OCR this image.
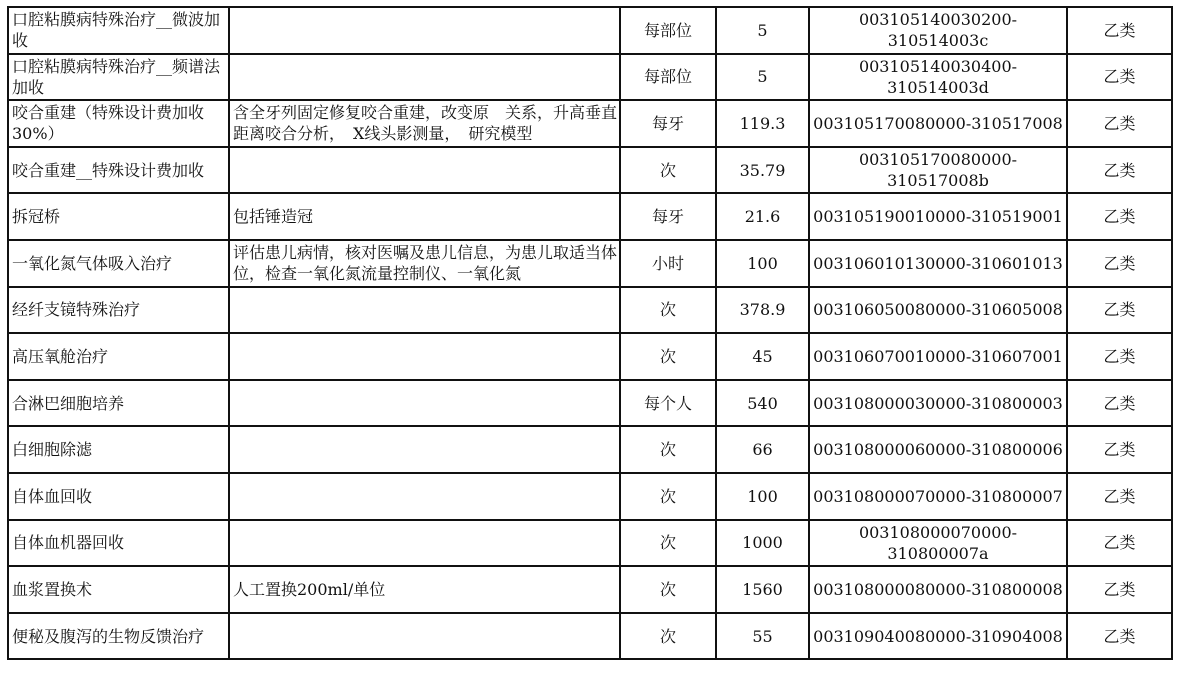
口腔粘膜病特殊治疗__微波加收		每部位	5	003105140030200-310514003c	乙类
口腔粘膜病特殊治疗__频谱法加收		每部位	5	003105140030400-310514003d	乙类
咬合重建（特殊设计费加收30%）	含全牙列固定修复咬合重建，改变原　关系，升高垂直距离咬合分析，　X线头影测量，　研究模型	每牙	119.3	003105170080000-310517008	乙类
咬合重建__特殊设计费加收		次	35.79	003105170080000-310517008b	乙类
拆冠桥	包括锤造冠	每牙	21.6	003105190010000-310519001	乙类
一氧化氮气体吸入治疗	评估患儿病情，核对医嘱及患儿信息，为患儿取适当体位，检查一氧化氮流量控制仪、一氧化氮	小时	100	003106010130000-310601013	乙类
经纤支镜特殊治疗		次	378.9	003106050080000-310605008	乙类
高压氧舱治疗		次	45	003106070010000-310607001	乙类
合淋巴细胞培养		每个人	540	003108000030000-310800003	乙类
白细胞除滤		次	66	003108000060000-310800006	乙类
自体血回收		次	100	003108000070000-310800007	乙类
自体血机器回收		次	1000	003108000070000-310800007a	乙类
血浆置换术	人工置换200ml/单位	次	1560	003108000080000-310800008	乙类
便秘及腹泻的生物反馈治疗		次	55	003109040080000-310904008	乙类
